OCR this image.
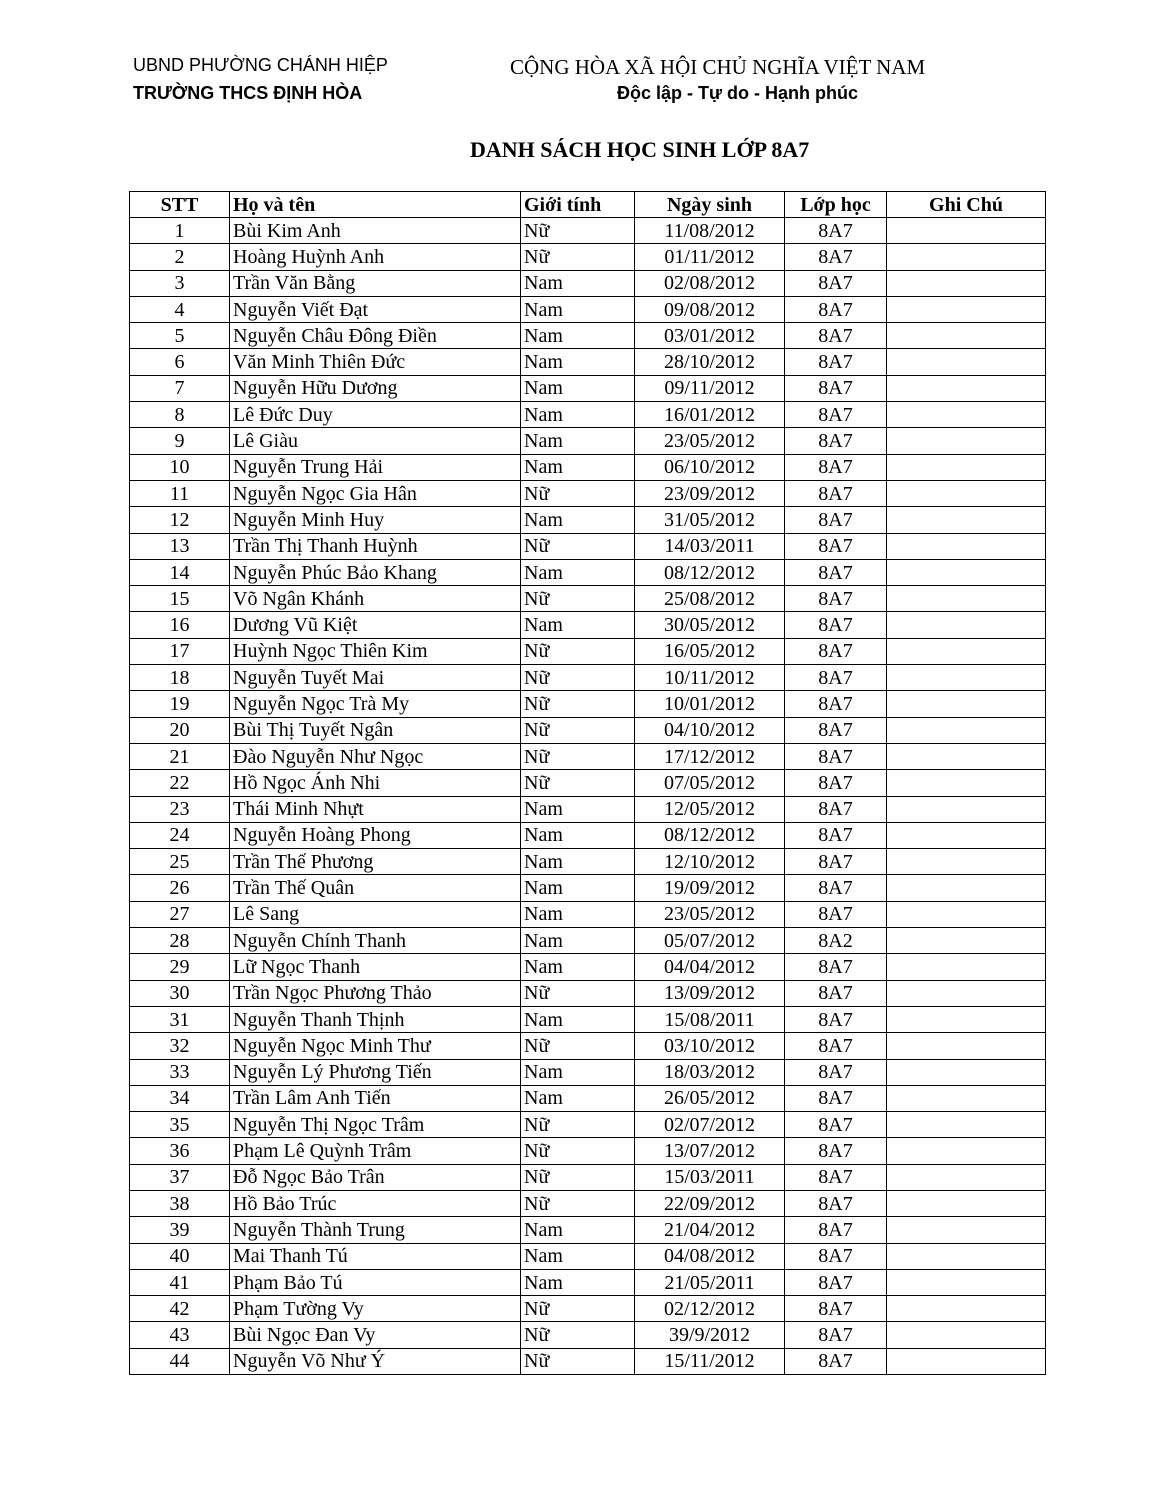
UBND PHƯỜNG CHÁNH HIỆP
TRƯỜNG THCS ĐỊNH HÒA
CỘNG HÒA XÃ HỘI CHỦ NGHĨA VIỆT NAM
Độc lập - Tự do - Hạnh phúc
DANH SÁCH HỌC SINH LỚP 8A7
STT	Họ và tên	Giới tính	Ngày sinh	Lớp học	Ghi Chú
1	Bùi Kim Anh	Nữ	11/08/2012	8A7	
2	Hoàng Huỳnh Anh	Nữ	01/11/2012	8A7	
3	Trần Văn Bằng	Nam	02/08/2012	8A7	
4	Nguyễn Viết Đạt	Nam	09/08/2012	8A7	
5	Nguyễn Châu Đông Điền	Nam	03/01/2012	8A7	
6	Văn Minh Thiên Đức	Nam	28/10/2012	8A7	
7	Nguyễn Hữu Dương	Nam	09/11/2012	8A7	
8	Lê Đức Duy	Nam	16/01/2012	8A7	
9	Lê Giàu	Nam	23/05/2012	8A7	
10	Nguyễn Trung Hải	Nam	06/10/2012	8A7	
11	Nguyễn Ngọc Gia Hân	Nữ	23/09/2012	8A7	
12	Nguyễn Minh Huy	Nam	31/05/2012	8A7	
13	Trần Thị Thanh Huỳnh	Nữ	14/03/2011	8A7	
14	Nguyễn Phúc Bảo Khang	Nam	08/12/2012	8A7	
15	Võ Ngân Khánh	Nữ	25/08/2012	8A7	
16	Dương Vũ Kiệt	Nam	30/05/2012	8A7	
17	Huỳnh Ngọc Thiên Kim	Nữ	16/05/2012	8A7	
18	Nguyễn Tuyết Mai	Nữ	10/11/2012	8A7	
19	Nguyễn Ngọc Trà My	Nữ	10/01/2012	8A7	
20	Bùi Thị Tuyết Ngân	Nữ	04/10/2012	8A7	
21	Đào Nguyễn Như Ngọc	Nữ	17/12/2012	8A7	
22	Hồ Ngọc Ánh Nhi	Nữ	07/05/2012	8A7	
23	Thái Minh Nhựt	Nam	12/05/2012	8A7	
24	Nguyễn Hoàng Phong	Nam	08/12/2012	8A7	
25	Trần Thế Phương	Nam	12/10/2012	8A7	
26	Trần Thế Quân	Nam	19/09/2012	8A7	
27	Lê Sang	Nam	23/05/2012	8A7	
28	Nguyễn Chính Thanh	Nam	05/07/2012	8A2	
29	Lữ Ngọc Thanh	Nam	04/04/2012	8A7	
30	Trần Ngọc Phương Thảo	Nữ	13/09/2012	8A7	
31	Nguyễn Thanh Thịnh	Nam	15/08/2011	8A7	
32	Nguyễn Ngọc Minh Thư	Nữ	03/10/2012	8A7	
33	Nguyễn Lý Phương Tiến	Nam	18/03/2012	8A7	
34	Trần Lâm Anh Tiến	Nam	26/05/2012	8A7	
35	Nguyễn Thị Ngọc Trâm	Nữ	02/07/2012	8A7	
36	Phạm Lê Quỳnh Trâm	Nữ	13/07/2012	8A7	
37	Đỗ Ngọc Bảo Trân	Nữ	15/03/2011	8A7	
38	Hồ Bảo Trúc	Nữ	22/09/2012	8A7	
39	Nguyễn Thành Trung	Nam	21/04/2012	8A7	
40	Mai Thanh Tú	Nam	04/08/2012	8A7	
41	Phạm Bảo Tú	Nam	21/05/2011	8A7	
42	Phạm Tường Vy	Nữ	02/12/2012	8A7	
43	Bùi Ngọc Đan Vy	Nữ	39/9/2012	8A7	
44	Nguyễn Võ Như Ý	Nữ	15/11/2012	8A7	
